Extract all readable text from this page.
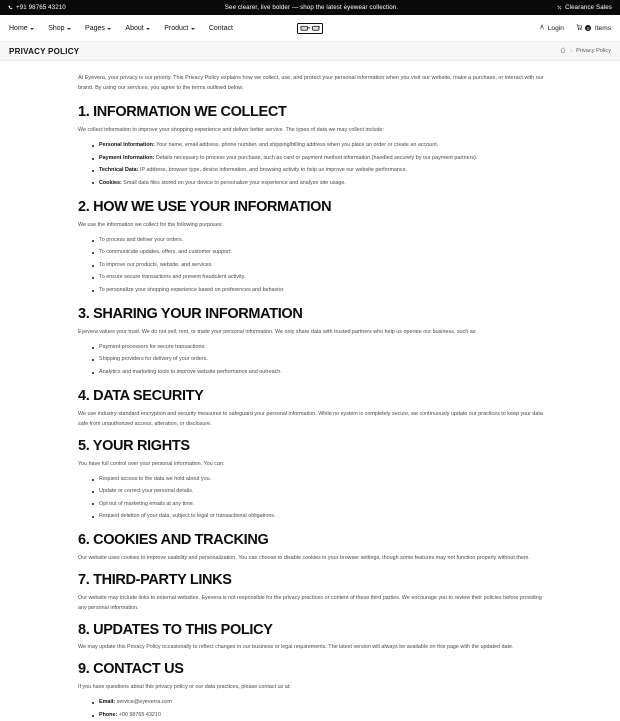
+91 98765 43210	See clearer, live bolder — shop the latest eyewear collection.	Clearance Sales
Home	Shop	Pages	About	Product	Contact	Login	0 Items
PRIVACY POLICY	› Privacy Policy

At Eyevera, your privacy is our priority. This Privacy Policy explains how we collect, use, and protect your personal information when you visit our website, make a purchase, or interact with our brand. By using our services, you agree to the terms outlined below.

1. INFORMATION WE COLLECT

We collect information to improve your shopping experience and deliver better service. The types of data we may collect include:

Personal Information: Your name, email address, phone number, and shipping/billing address when you place an order or create an account.
Payment Information: Details necessary to process your purchase, such as card or payment method information (handled securely by our payment partners).
Technical Data: IP address, browser type, device information, and browsing activity to help us improve our website performance.
Cookies: Small data files stored on your device to personalize your experience and analyze site usage.
2. HOW WE USE YOUR INFORMATION

We use the information we collect for the following purposes:

To process and deliver your orders.
To communicate updates, offers, and customer support.
To improve our products, website, and services.
To ensure secure transactions and prevent fraudulent activity.
To personalize your shopping experience based on preferences and behavior.
3. SHARING YOUR INFORMATION

Eyevera values your trust. We do not sell, rent, or trade your personal information. We only share data with trusted partners who help us operate our business, such as:

Payment processors for secure transactions.
Shipping providers for delivery of your orders.
Analytics and marketing tools to improve website performance and outreach.
4. DATA SECURITY

We use industry-standard encryption and security measures to safeguard your personal information. While no system is completely secure, we continuously update our practices to keep your data safe from unauthorized access, alteration, or disclosure.

5. YOUR RIGHTS

You have full control over your personal information. You can:

Request access to the data we hold about you.
Update or correct your personal details.
Opt out of marketing emails at any time.
Request deletion of your data, subject to legal or transactional obligations.
6. COOKIES AND TRACKING

Our website uses cookies to improve usability and personalization. You can choose to disable cookies in your browser settings, though some features may not function properly without them.

7. THIRD-PARTY LINKS

Our website may include links to external websites. Eyevera is not responsible for the privacy practices or content of these third parties. We encourage you to review their policies before providing any personal information.

8. UPDATES TO THIS POLICY

We may update this Privacy Policy occasionally to reflect changes in our business or legal requirements. The latest version will always be available on this page with the updated date.

9. CONTACT US

If you have questions about this privacy policy or our data practices, please contact us at:

Email: service@eyeverra.com
Phone: +00 98765 43210
